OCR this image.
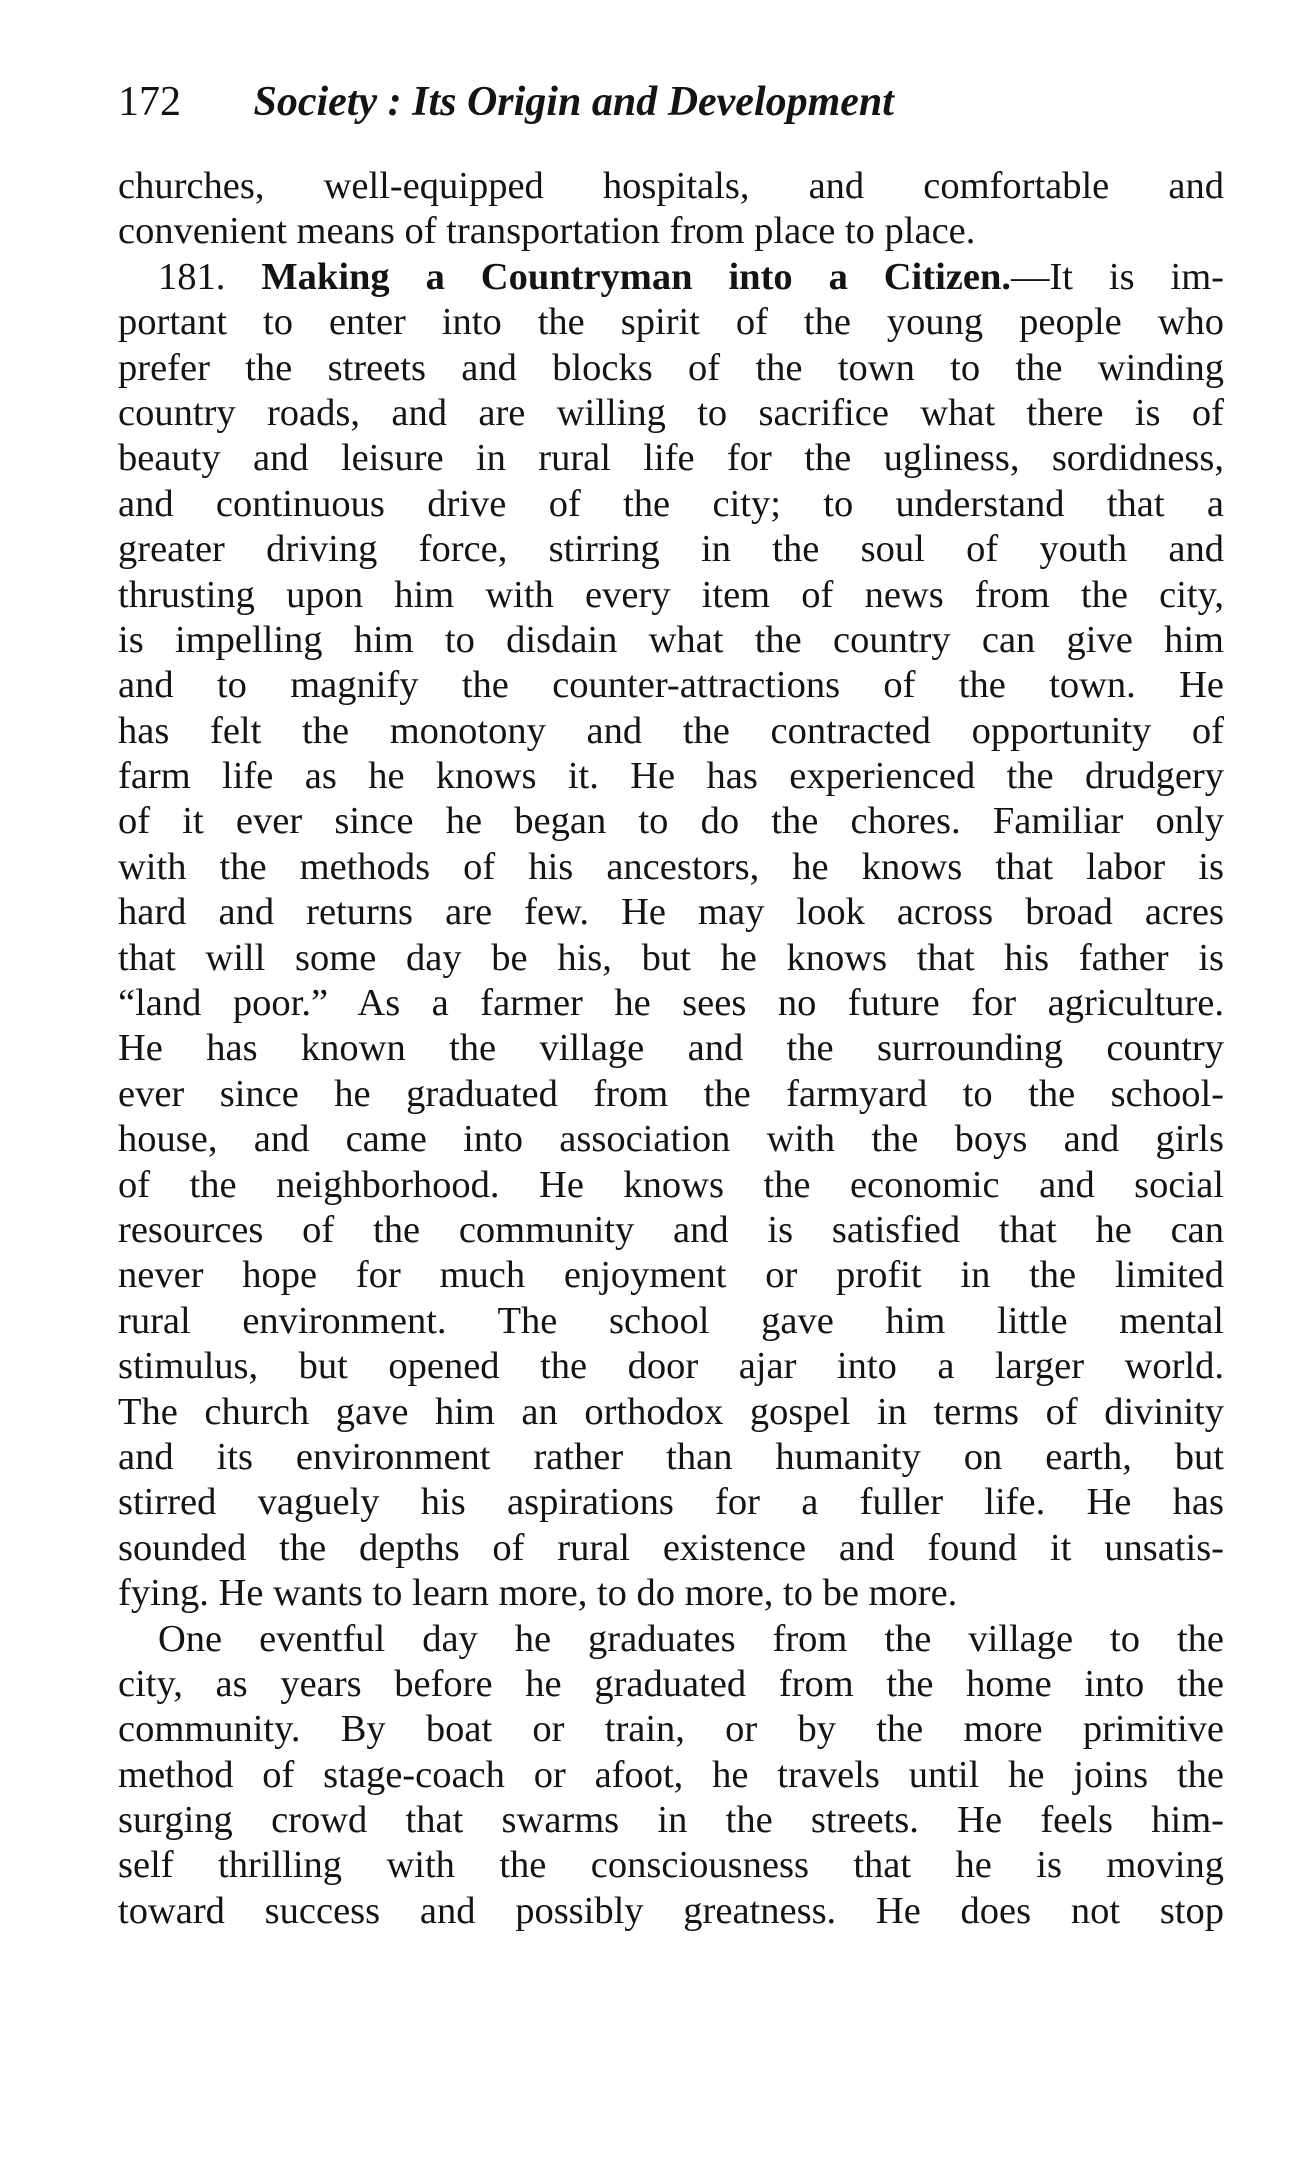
172 Society : Its Origin and Development
churches, well-equipped hospitals, and comfortable and
convenient means of transportation from place to place.
181. Making a Countryman into a Citizen.—It is im-
portant to enter into the spirit of the young people who
prefer the streets and blocks of the town to the winding
country roads, and are willing to sacrifice what there is of
beauty and leisure in rural life for the ugliness, sordidness,
and continuous drive of the city; to understand that a
greater driving force, stirring in the soul of youth and
thrusting upon him with every item of news from the city,
is impelling him to disdain what the country can give him
and to magnify the counter-attractions of the town. He
has felt the monotony and the contracted opportunity of
farm life as he knows it. He has experienced the drudgery
of it ever since he began to do the chores. Familiar only
with the methods of his ancestors, he knows that labor is
hard and returns are few. He may look across broad acres
that will some day be his, but he knows that his father is
“land poor.” As a farmer he sees no future for agriculture.
He has known the village and the surrounding country
ever since he graduated from the farmyard to the school-
house, and came into association with the boys and girls
of the neighborhood. He knows the economic and social
resources of the community and is satisfied that he can
never hope for much enjoyment or profit in the limited
rural environment. The school gave him little mental
stimulus, but opened the door ajar into a larger world.
The church gave him an orthodox gospel in terms of divinity
and its environment rather than humanity on earth, but
stirred vaguely his aspirations for a fuller life. He has
sounded the depths of rural existence and found it unsatis-
fying. He wants to learn more, to do more, to be more.
One eventful day he graduates from the village to the
city, as years before he graduated from the home into the
community. By boat or train, or by the more primitive
method of stage-coach or afoot, he travels until he joins the
surging crowd that swarms in the streets. He feels him-
self thrilling with the consciousness that he is moving
toward success and possibly greatness. He does not stop
